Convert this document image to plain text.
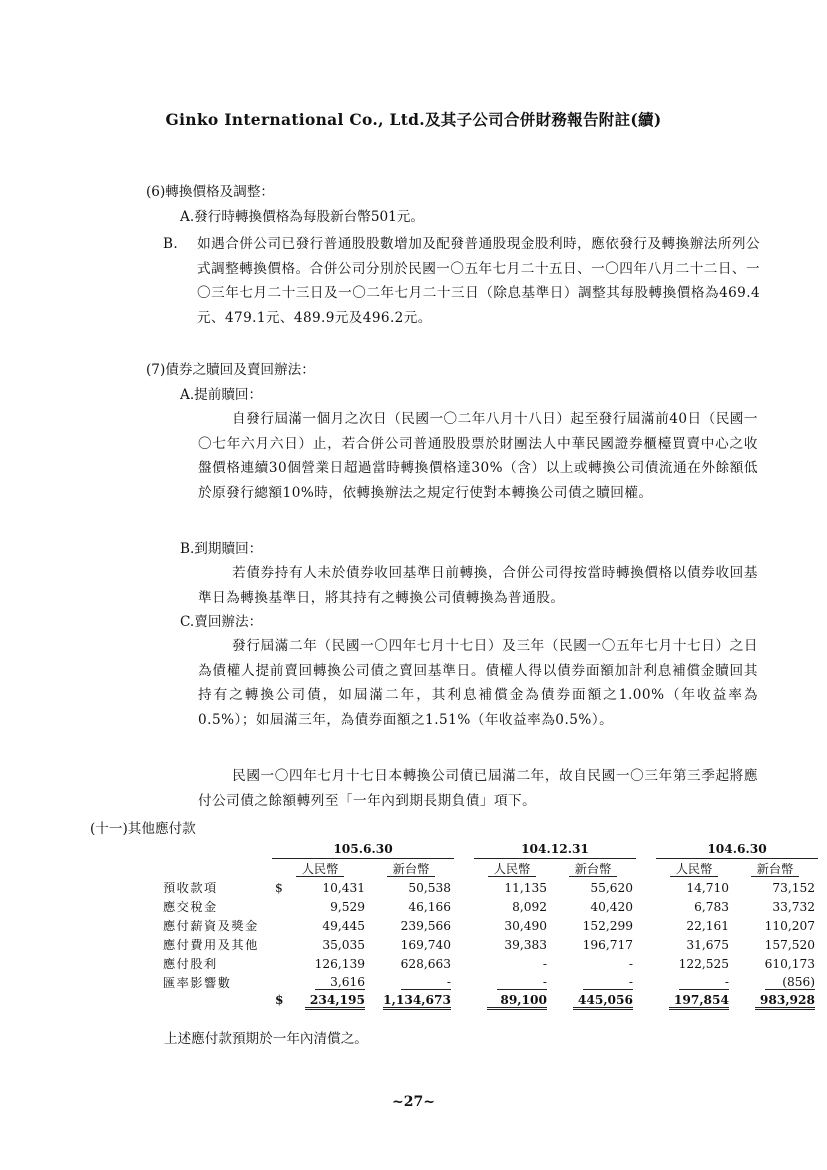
Ginko International Co., Ltd.及其子公司合併財務報告附註(續)
(6)轉換價格及調整：
A.發行時轉換價格為每股新台幣501元。

B. 如遇合併公司已發行普通股股數增加及配發普通股現金股利時，應依發行及轉換辦法所列公式調整轉換價格。合併公司分別於民國一〇五年七月二十五日、一〇四年八月二十二日、一〇三年七月二十三日及一〇二年七月二十三日（除息基準日）調整其每股轉換價格為469.4元、479.1元、489.9元及496.2元。

(7)債券之贖回及賣回辦法：
A.提前贖回：
自發行屆滿一個月之次日（民國一〇二年八月十八日）起至發行屆滿前40日（民國一〇七年六月六日）止，若合併公司普通股股票於財團法人中華民國證券櫃檯買賣中心之收盤價格連續30個營業日超過當時轉換價格達30%（含）以上或轉換公司債流通在外餘額低於原發行總額10%時，依轉換辦法之規定行使對本轉換公司債之贖回權。
B.到期贖回：
若債券持有人未於債券收回基準日前轉換，合併公司得按當時轉換價格以債券收回基準日為轉換基準日，將其持有之轉換公司債轉換為普通股。
C.賣回辦法：
發行屆滿二年（民國一〇四年七月十七日）及三年（民國一〇五年七月十七日）之日為債權人提前賣回轉換公司債之賣回基準日。債權人得以債券面額加計利息補償金贖回其持有之轉換公司債，如屆滿二年，其利息補償金為債券面額之1.00%（年收益率為0.5%）；如屆滿三年，為債券面額之1.51%（年收益率為0.5%）。
民國一〇四年七月十七日本轉換公司債已屆滿二年，故自民國一〇三年第三季起將應付公司債之餘額轉列至「一年內到期長期負債」項下。
(十一)其他應付款
	105.6.30			104.12.31			104.6.30	
	人民幣	新台幣		人民幣	新台幣		人民幣	新台幣
預收款項	$ 10,431	50,538		11,135	55,620		14,710	73,152
應交稅金	9,529	46,166		8,092	40,420		6,783	33,732
應付薪資及獎金	49,445	239,566		30,490	152,299		22,161	110,207
應付費用及其他	35,035	169,740		39,383	196,717		31,675	157,520
應付股利	126,139	628,663		-	-		122,525	610,173
匯率影響數	3,616	-		-	-		-	(856)

	$ 234,195	1,134,673		89,100	445,056		197,854	983,928
上述應付款預期於一年內清償之。
~27~
